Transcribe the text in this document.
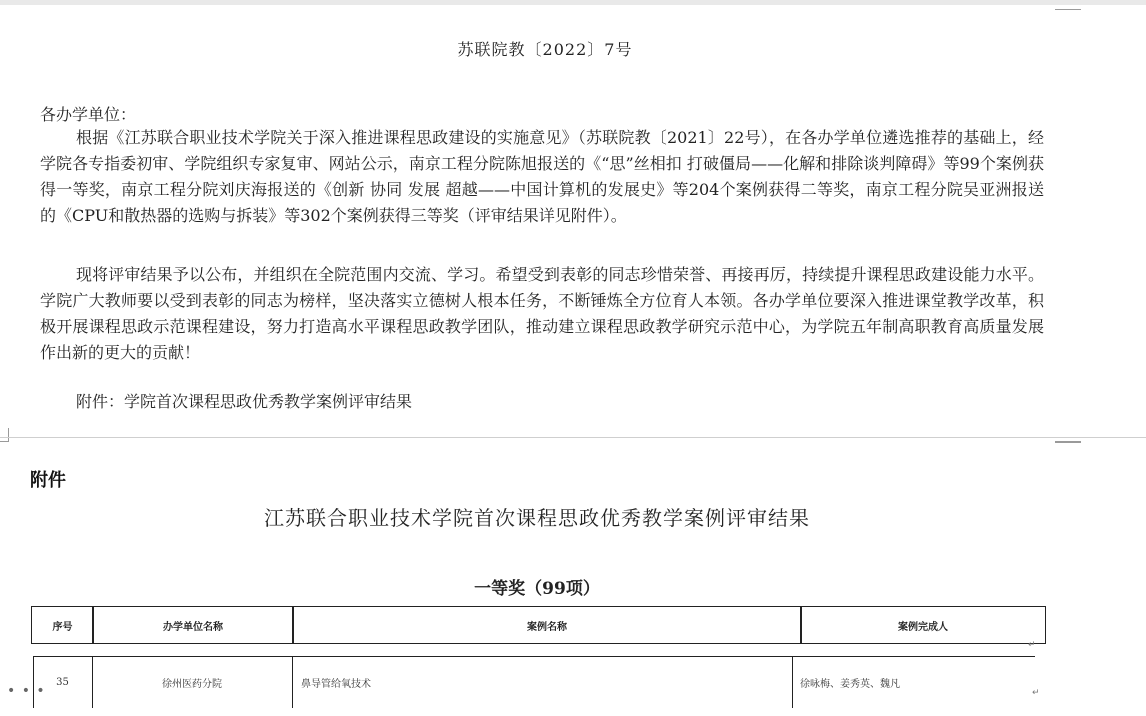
苏联院教〔2022〕7号
各办学单位：

根据《江苏联合职业技术学院关于深入推进课程思政建设的实施意见》（苏联院教〔2021〕22号），在各办学单位遴选推荐的基础上，经学院各专指委初审、学院组织专家复审、网站公示，南京工程分院陈旭报送的《“思”丝相扣 打破僵局——化解和排除谈判障碍》等99个案例获得一等奖，南京工程分院刘庆海报送的《创新 协同 发展 超越——中国计算机的发展史》等204个案例获得二等奖，南京工程分院吴亚洲报送的《CPU和散热器的选购与拆装》等302个案例获得三等奖（评审结果详见附件）。

现将评审结果予以公布，并组织在全院范围内交流、学习。希望受到表彰的同志珍惜荣誉、再接再厉，持续提升课程思政建设能力水平。学院广大教师要以受到表彰的同志为榜样，坚决落实立德树人根本任务，不断锤炼全方位育人本领。各办学单位要深入推进课堂教学改革，积极开展课程思政示范课程建设，努力打造高水平课程思政教学团队，推动建立课程思政教学研究示范中心，为学院五年制高职教育高质量发展作出新的更大的贡献！

附件：学院首次课程思政优秀教学案例评审结果
附件
江苏联合职业技术学院首次课程思政优秀教学案例评审结果
一等奖（99项）
序号	办学单位名称	案例名称	案例完成人
↵
35	徐州医药分院	鼻导管给氧技术	徐咏梅、姜秀英、魏凡
↵
• • •
